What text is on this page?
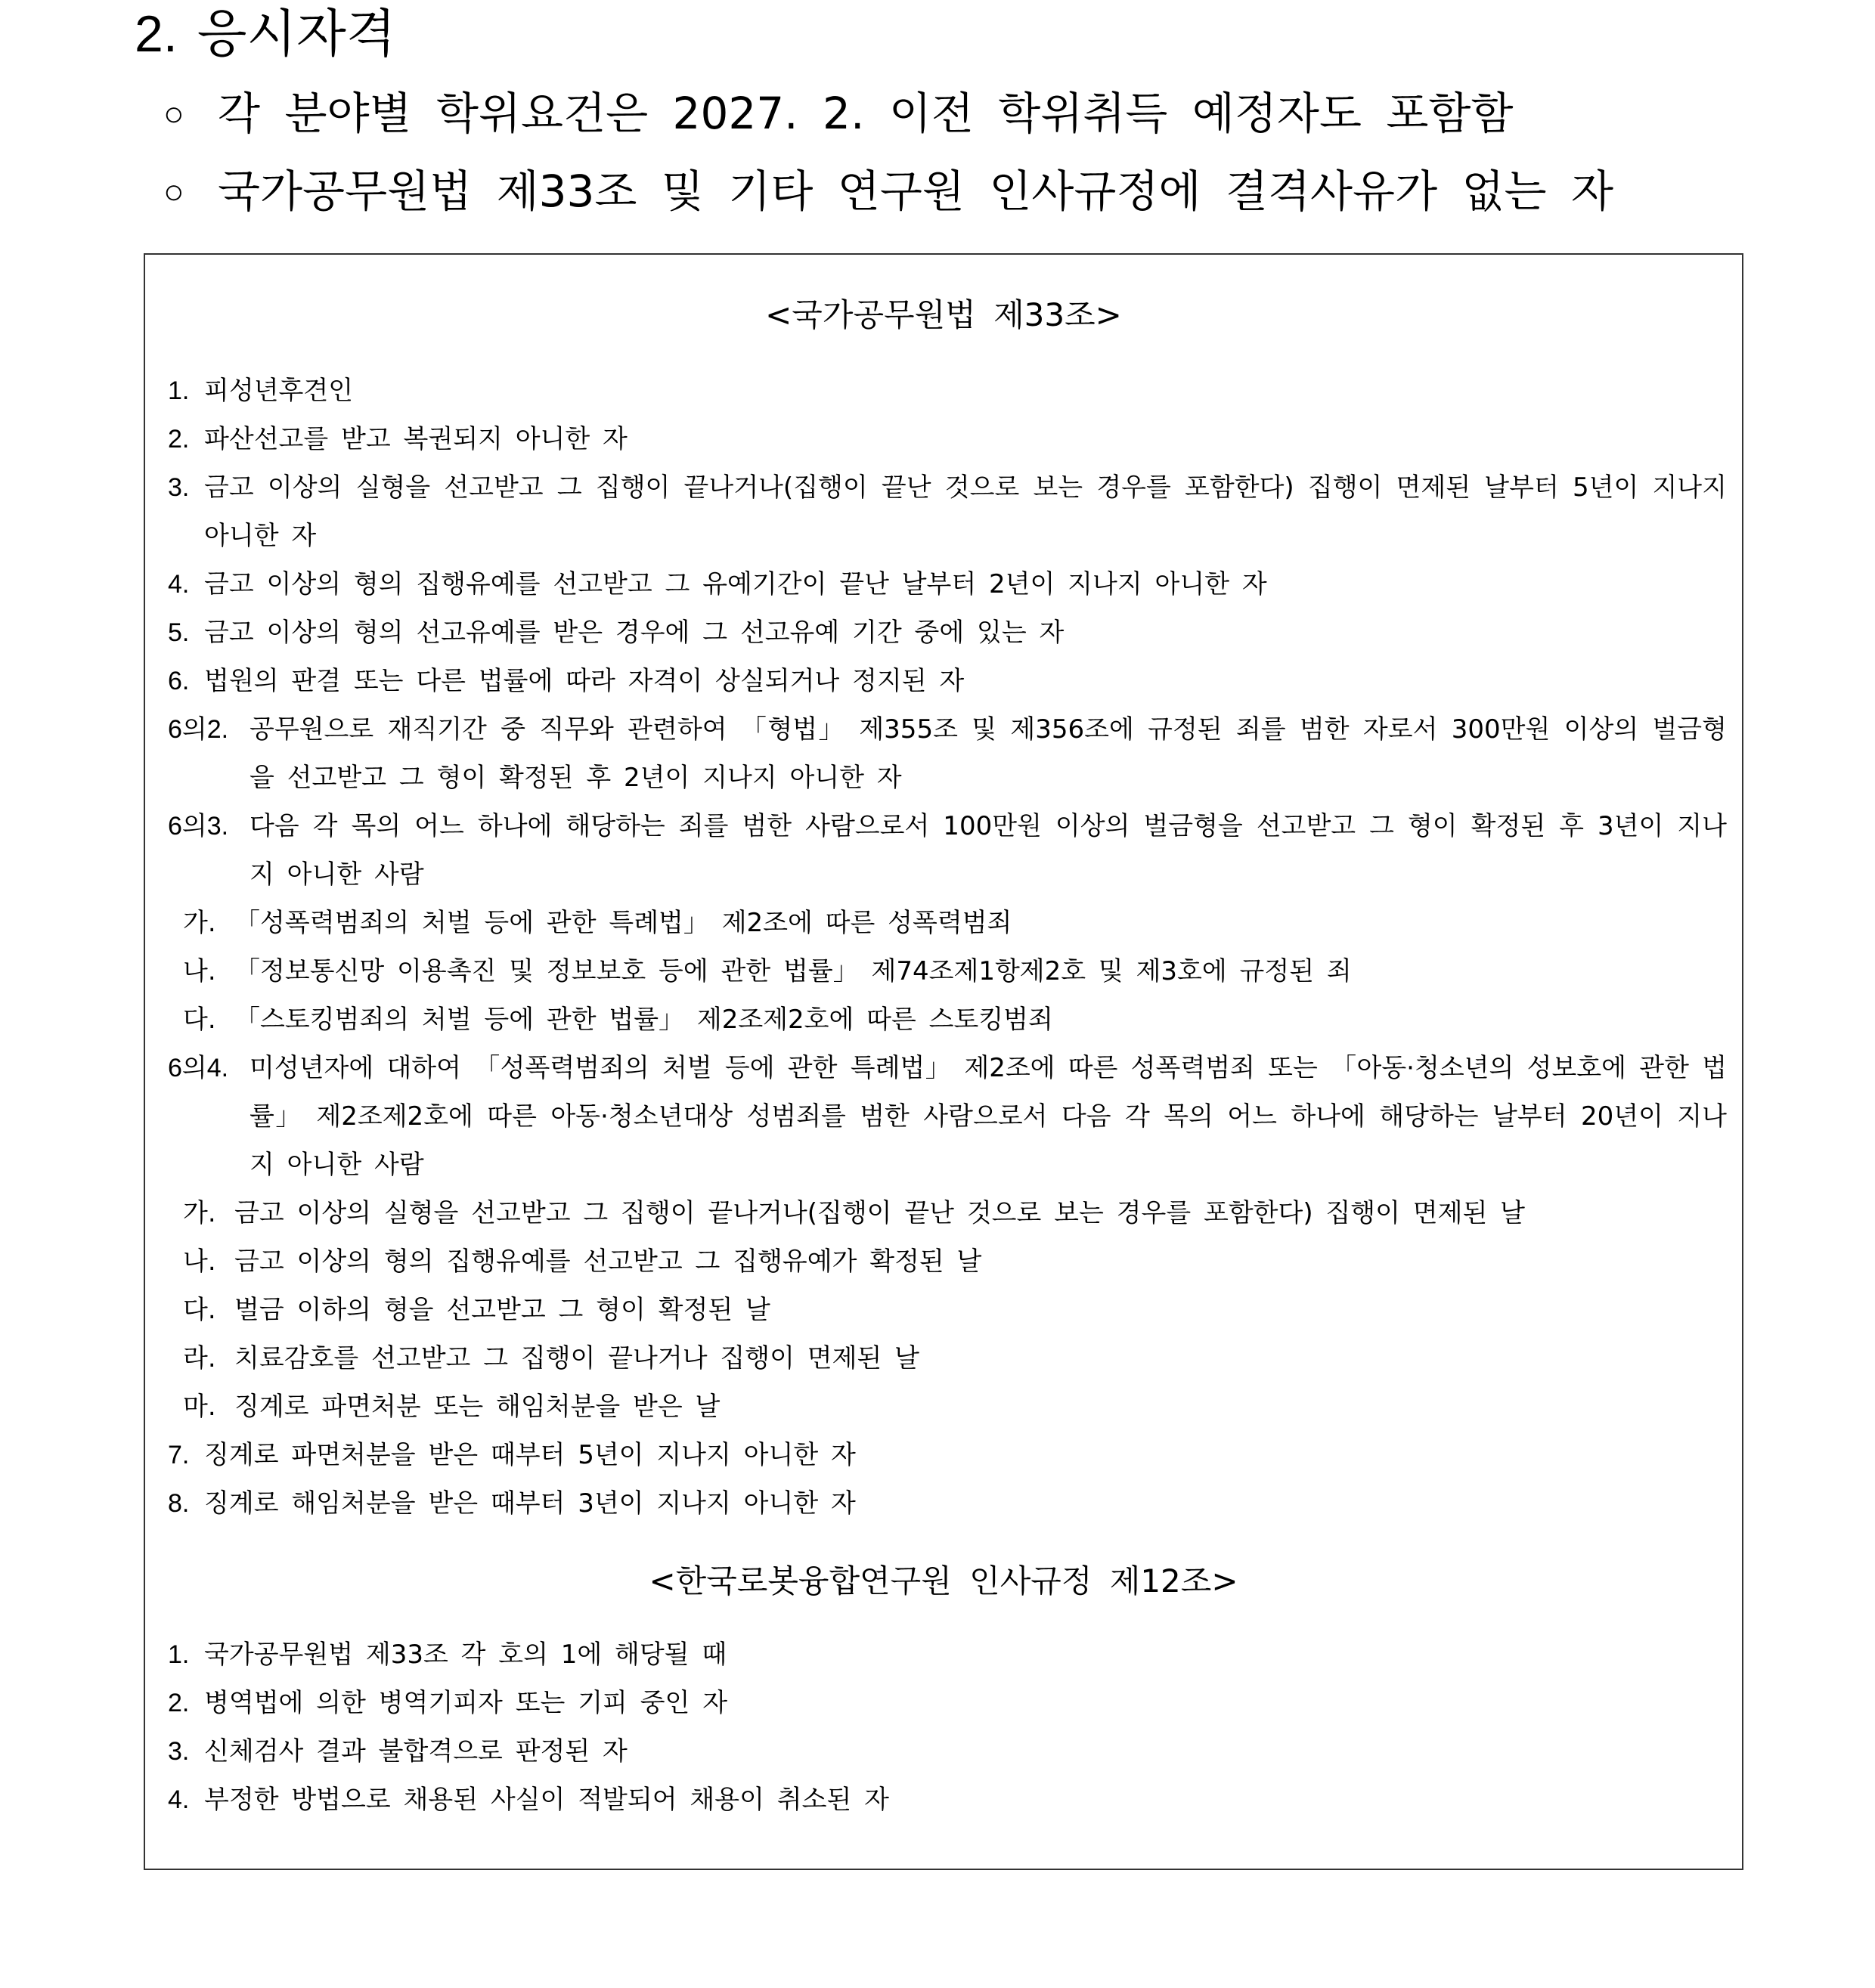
2. 응시자격
○ 각 분야별 학위요건은 2027. 2. 이전 학위취득 예정자도 포함함
○ 국가공무원법 제33조 및 기타 연구원 인사규정에 결격사유가 없는 자
<국가공무원법 제33조>
1. 피성년후견인
2. 파산선고를 받고 복권되지 아니한 자
3. 금고 이상의 실형을 선고받고 그 집행이 끝나거나(집행이 끝난 것으로 보는 경우를 포함한다) 집행이 면제된 날부터 5년이 지나지 아니한 자
4. 금고 이상의 형의 집행유예를 선고받고 그 유예기간이 끝난 날부터 2년이 지나지 아니한 자
5. 금고 이상의 형의 선고유예를 받은 경우에 그 선고유예 기간 중에 있는 자
6. 법원의 판결 또는 다른 법률에 따라 자격이 상실되거나 정지된 자
6의2. 공무원으로 재직기간 중 직무와 관련하여 「형법」 제355조 및 제356조에 규정된 죄를 범한 자로서 300만원 이상의 벌금형을 선고받고 그 형이 확정된 후 2년이 지나지 아니한 자
6의3. 다음 각 목의 어느 하나에 해당하는 죄를 범한 사람으로서 100만원 이상의 벌금형을 선고받고 그 형이 확정된 후 3년이 지나지 아니한 사람
가. 「성폭력범죄의 처벌 등에 관한 특례법」 제2조에 따른 성폭력범죄
나. 「정보통신망 이용촉진 및 정보보호 등에 관한 법률」 제74조제1항제2호 및 제3호에 규정된 죄
다. 「스토킹범죄의 처벌 등에 관한 법률」 제2조제2호에 따른 스토킹범죄
6의4. 미성년자에 대하여 「성폭력범죄의 처벌 등에 관한 특례법」 제2조에 따른 성폭력범죄 또는 「아동·청소년의 성보호에 관한 법률」 제2조제2호에 따른 아동·청소년대상 성범죄를 범한 사람으로서 다음 각 목의 어느 하나에 해당하는 날부터 20년이 지나지 아니한 사람
가. 금고 이상의 실형을 선고받고 그 집행이 끝나거나(집행이 끝난 것으로 보는 경우를 포함한다) 집행이 면제된 날
나. 금고 이상의 형의 집행유예를 선고받고 그 집행유예가 확정된 날
다. 벌금 이하의 형을 선고받고 그 형이 확정된 날
라. 치료감호를 선고받고 그 집행이 끝나거나 집행이 면제된 날
마. 징계로 파면처분 또는 해임처분을 받은 날
7. 징계로 파면처분을 받은 때부터 5년이 지나지 아니한 자
8. 징계로 해임처분을 받은 때부터 3년이 지나지 아니한 자
<한국로봇융합연구원 인사규정 제12조>
1. 국가공무원법 제33조 각 호의 1에 해당될 때
2. 병역법에 의한 병역기피자 또는 기피 중인 자
3. 신체검사 결과 불합격으로 판정된 자
4. 부정한 방법으로 채용된 사실이 적발되어 채용이 취소된 자
